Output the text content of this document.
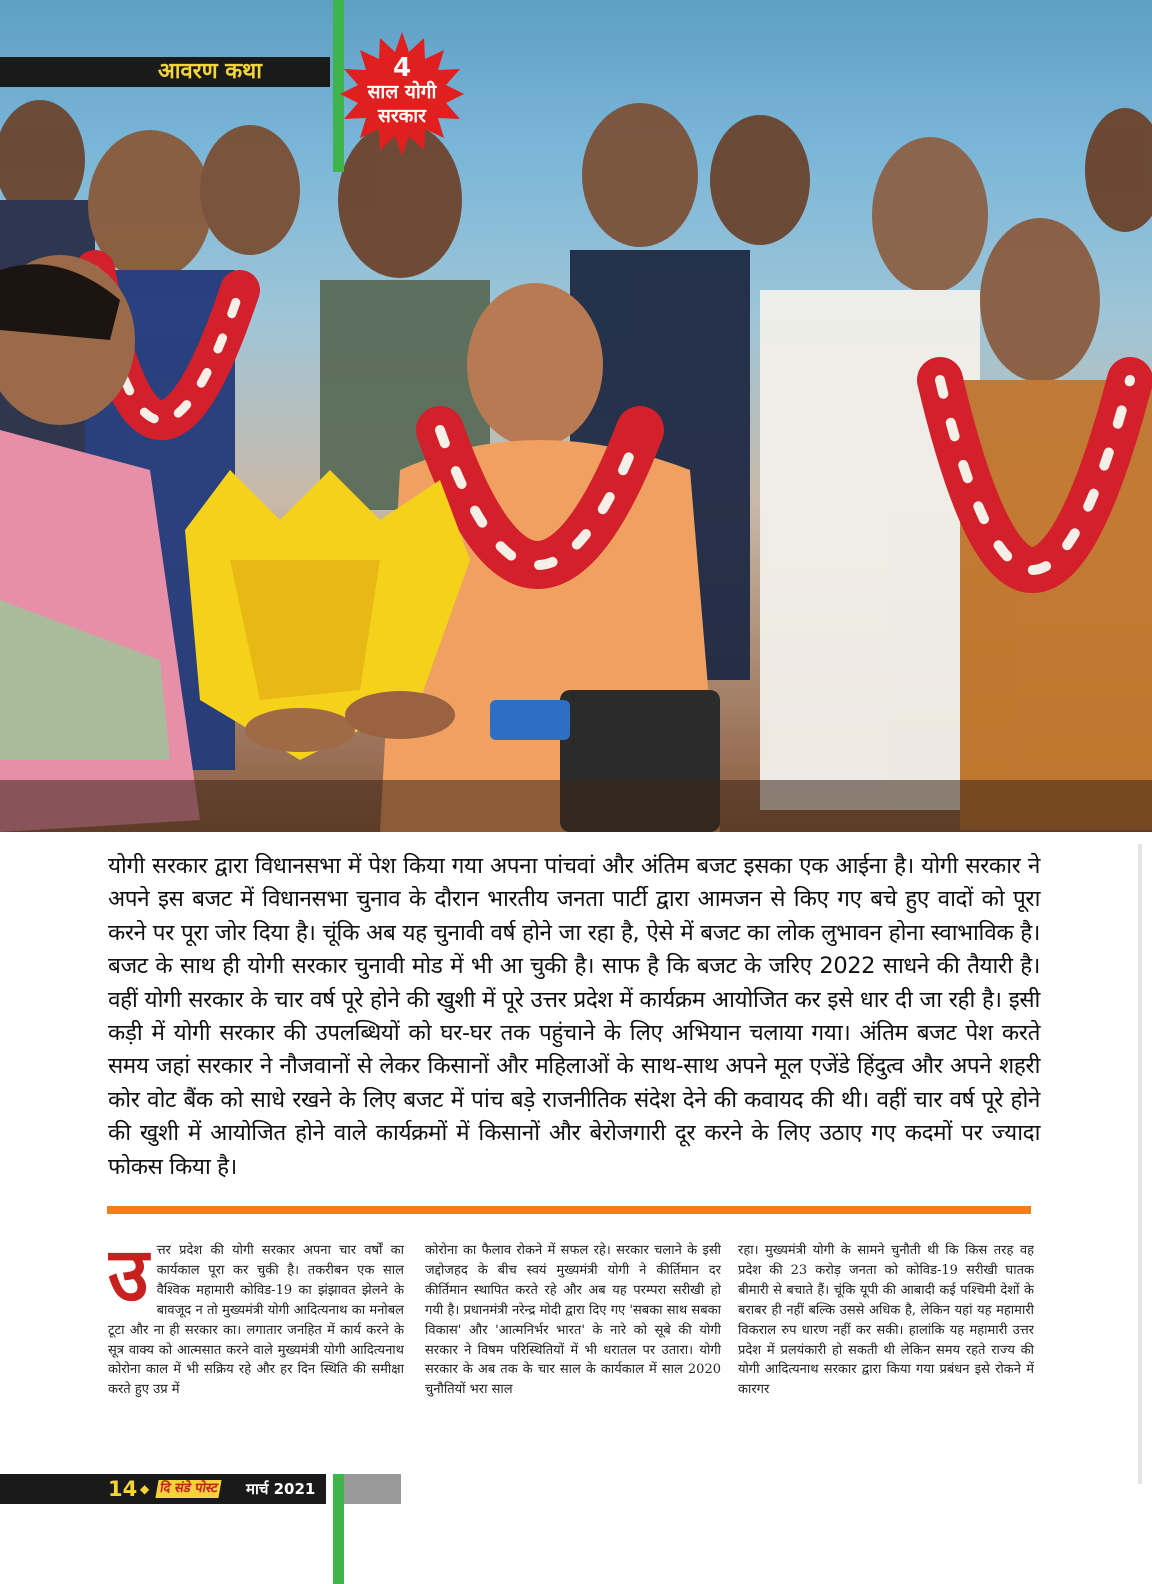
आवरण कथा	4
साल योगी
सरकार

योगी सरकार द्वारा विधानसभा में पेश किया गया अपना पांचवां और अंतिम बजट इसका एक आईना है। योगी सरकार ने अपने इस बजट में विधानसभा चुनाव के दौरान भारतीय जनता पार्टी द्वारा आमजन से किए गए बचे हुए वादों को पूरा करने पर पूरा जोर दिया है। चूंकि अब यह चुनावी वर्ष होने जा रहा है, ऐसे में बजट का लोक लुभावन होना स्वाभाविक है। बजट के साथ ही योगी सरकार चुनावी मोड में भी आ चुकी है। साफ है कि बजट के जरिए 2022 साधने की तैयारी है। वहीं योगी सरकार के चार वर्ष पूरे होने की खुशी में पूरे उत्तर प्रदेश में कार्यक्रम आयोजित कर इसे धार दी जा रही है। इसी कड़ी में योगी सरकार की उपलब्धियों को घर-घर तक पहुंचाने के लिए अभियान चलाया गया। अंतिम बजट पेश करते समय जहां सरकार ने नौजवानों से लेकर किसानों और महिलाओं के साथ-साथ अपने मूल एजेंडे हिंदुत्व और अपने शहरी कोर वोट बैंक को साधे रखने के लिए बजट में पांच बड़े राजनीतिक संदेश देने की कवायद की थी। वहीं चार वर्ष पूरे होने की खुशी में आयोजित होने वाले कार्यक्रमों में किसानों और बेरोजगारी दूर करने के लिए उठाए गए कदमों पर ज्यादा फोकस किया है।

उ त्तर प्रदेश की योगी सरकार अपना चार वर्षों का कार्यकाल पूरा कर चुकी है। तकरीबन एक साल वैश्विक महामारी कोविड-19 का झंझावत झेलने के बावजूद न तो मुख्यमंत्री योगी आदित्यनाथ का मनोबल टूटा और ना ही सरकार का। लगातार जनहित में कार्य करने के सूत्र वाक्य को आत्मसात करने वाले मुख्यमंत्री योगी आदित्यनाथ कोरोना काल में भी सक्रिय रहे और हर दिन स्थिति की समीक्षा करते हुए उप्र में
कोरोना का फैलाव रोकने में सफल रहे। सरकार चलाने के इसी जद्दोजहद के बीच स्वयं मुख्यमंत्री योगी ने कीर्तिमान दर कीर्तिमान स्थापित करते रहे और अब यह परम्परा सरीखी हो गयी है। प्रधानमंत्री नरेन्द्र मोदी द्वारा दिए गए 'सबका साथ सबका विकास' और 'आत्मनिर्भर भारत' के नारे को सूबे की योगी सरकार ने विषम परिस्थितियों में भी धरातल पर उतारा। योगी सरकार के अब तक के चार साल के कार्यकाल में साल 2020 चुनौतियों भरा साल
रहा। मुख्यमंत्री योगी के सामने चुनौती थी कि किस तरह वह प्रदेश की 23 करोड़ जनता को कोविड-19 सरीखी घातक बीमारी से बचाते हैं। चूंकि यूपी की आबादी कई पश्चिमी देशों के बराबर ही नहीं बल्कि उससे अधिक है, लेकिन यहां यह महामारी विकराल रुप धारण नहीं कर सकी। हालांकि यह महामारी उत्तर प्रदेश में प्रलयंकारी हो सकती थी लेकिन समय रहते राज्य की योगी आदित्यनाथ सरकार द्वारा किया गया प्रबंधन इसे रोकने में कारगर
14 ◆ दि संडे पोस्ट मार्च 2021
